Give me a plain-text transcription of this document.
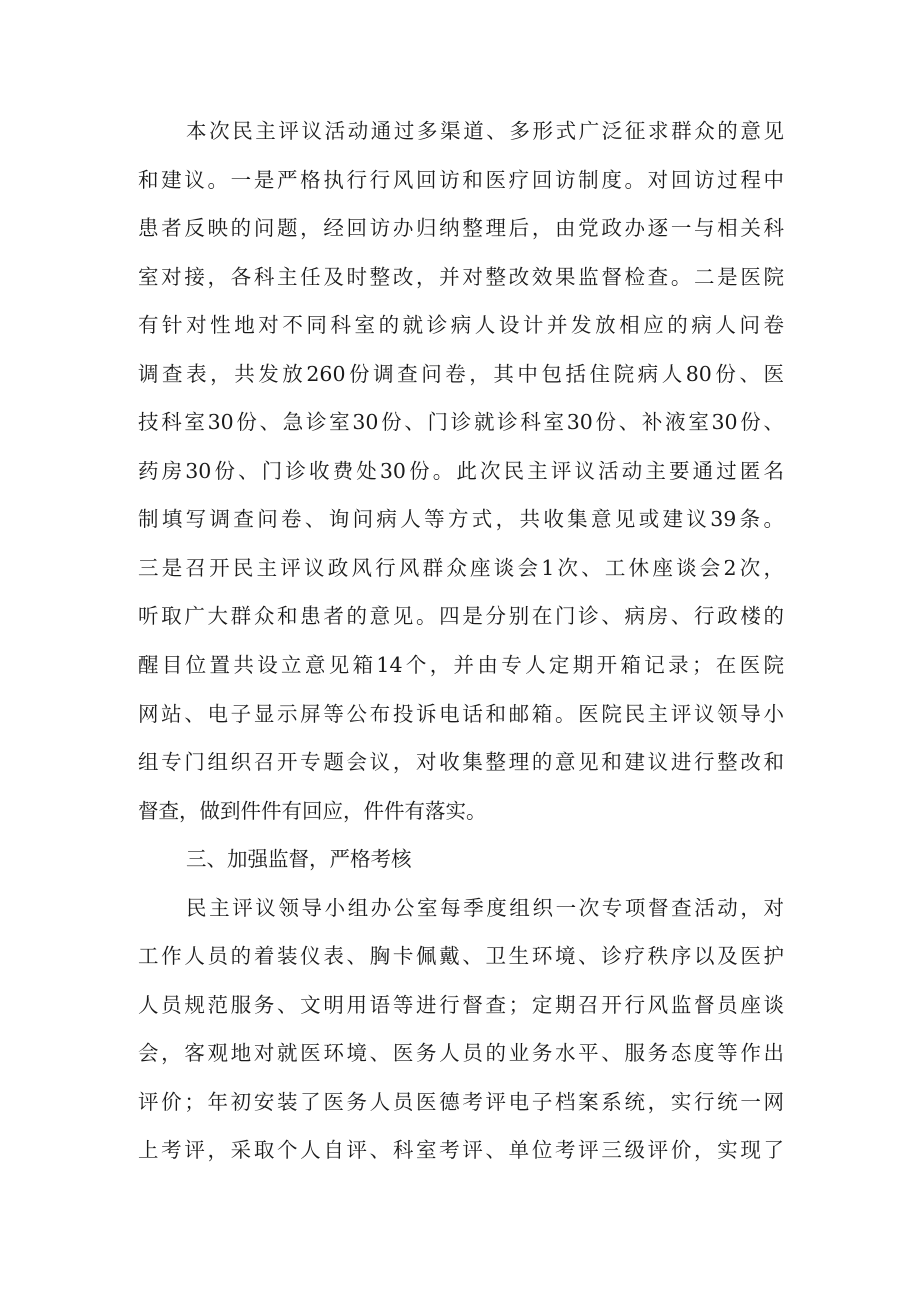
本次民主评议活动通过多渠道、多形式广泛征求群众的意见
和建议。一是严格执行行风回访和医疗回访制度。对回访过程中
患者反映的问题，经回访办归纳整理后，由党政办逐一与相关科
室对接，各科主任及时整改，并对整改效果监督检查。二是医院
有针对性地对不同科室的就诊病人设计并发放相应的病人问卷
调查表，共发放260份调查问卷，其中包括住院病人80份、医
技科室30份、急诊室30份、门诊就诊科室30份、补液室30份、
药房30份、门诊收费处30份。此次民主评议活动主要通过匿名
制填写调查问卷、询问病人等方式，共收集意见或建议39条。
三是召开民主评议政风行风群众座谈会1次、工休座谈会2次，
听取广大群众和患者的意见。四是分别在门诊、病房、行政楼的
醒目位置共设立意见箱14个，并由专人定期开箱记录；在医院
网站、电子显示屏等公布投诉电话和邮箱。医院民主评议领导小
组专门组织召开专题会议，对收集整理的意见和建议进行整改和
督查，做到件件有回应，件件有落实。
三、加强监督，严格考核
民主评议领导小组办公室每季度组织一次专项督查活动，对
工作人员的着装仪表、胸卡佩戴、卫生环境、诊疗秩序以及医护
人员规范服务、文明用语等进行督查；定期召开行风监督员座谈
会，客观地对就医环境、医务人员的业务水平、服务态度等作出
评价；年初安装了医务人员医德考评电子档案系统，实行统一网
上考评，采取个人自评、科室考评、单位考评三级评价，实现了
